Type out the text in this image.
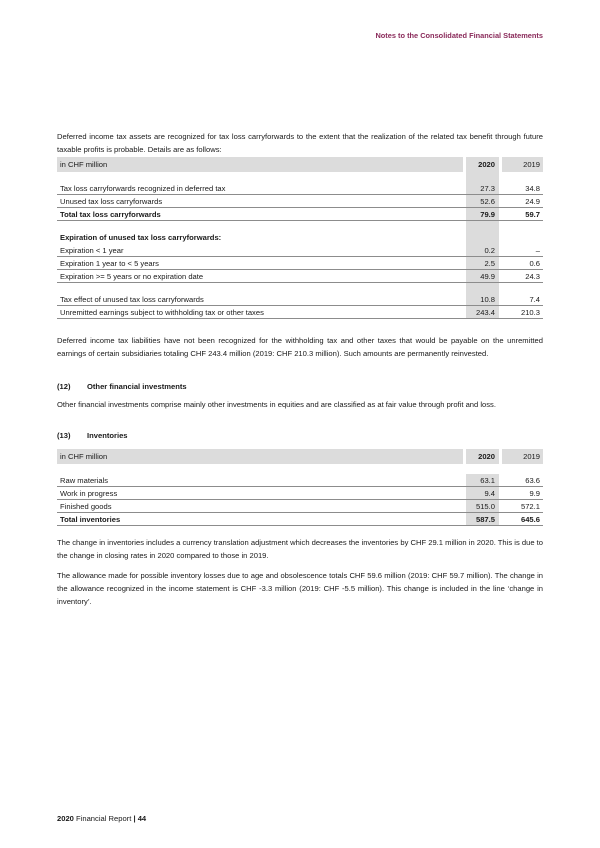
Notes to the Consolidated Financial Statements

Deferred income tax assets are recognized for tax loss carryforwards to the extent that the realization of the related tax benefit through future taxable profits is probable. Details are as follows:

in CHF million	2020	2019
Tax loss carryforwards recognized in deferred tax	27.3	34.8
Unused tax loss carryforwards	52.6	24.9
Total tax loss carryforwards	79.9	59.7
Expiration of unused tax loss carryforwards:
Expiration < 1 year	0.2	–
Expiration 1 year to < 5 years	2.5	0.6
Expiration >= 5 years or no expiration date	49.9	24.3
Tax effect of unused tax loss carryforwards	10.8	7.4
Unremitted earnings subject to withholding tax or other taxes	243.4	210.3

Deferred income tax liabilities have not been recognized for the withholding tax and other taxes that would be payable on the unremitted earnings of certain subsidiaries totaling CHF 243.4 million (2019: CHF 210.3 million). Such amounts are permanently reinvested.

(12) Other financial investments

Other financial investments comprise mainly other investments in equities and are classified as at fair value through profit and loss.

(13) Inventories
in CHF million	2020	2019
Raw materials	63.1	63.6
Work in progress	9.4	9.9
Finished goods	515.0	572.1
Total inventories	587.5	645.6

The change in inventories includes a currency translation adjustment which decreases the inventories by CHF 29.1 million in 2020. This is due to the change in closing rates in 2020 compared to those in 2019.

The allowance made for possible inventory losses due to age and obsolescence totals CHF 59.6 million (2019: CHF 59.7 million). The change in the allowance recognized in the income statement is CHF -3.3 million (2019: CHF -5.5 million). This change is included in the line ‘change in inventory’.

2020 Financial Report | 44
